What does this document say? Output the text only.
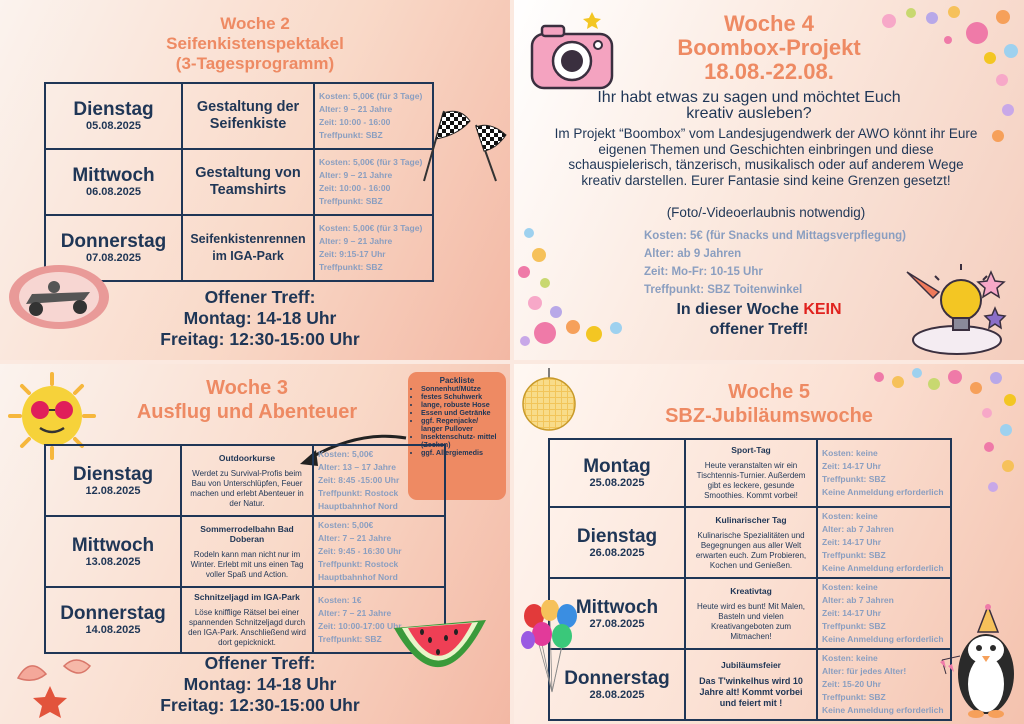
Woche 2
Seifenkistenspektakel
(3-Tagesprogramm)
Dienstag
05.08.2025	Gestaltung der Seifenkiste	Kosten: 5,00€ (für 3 Tage)
Alter: 9 – 21 Jahre
Zeit: 10:00 - 16:00
Treffpunkt: SBZ

Mittwoch
06.08.2025	Gestaltung von Teamshirts	Kosten: 5,00€ (für 3 Tage)
Alter: 9 – 21 Jahre
Zeit: 10:00 - 16:00
Treffpunkt: SBZ

Donnerstag
07.08.2025	Seifenkistenrennen im IGA-Park	Kosten: 5,00€ (für 3 Tage)
Alter: 9 – 21 Jahre
Zeit: 9:15-17 Uhr
Treffpunkt: SBZ
Offener Treff:
Montag: 14-18 Uhr
Freitag: 12:30-15:00 Uhr
Woche 4
Boombox-Projekt
18.08.-22.08.
Ihr habt etwas zu sagen und möchtet Euch kreativ ausleben?
Im Projekt “Boombox” vom Landesjugendwerk der AWO könnt ihr Eure eigenen Themen und Geschichten einbringen und diese schauspielerisch, tänzerisch, musikalisch oder auf anderem Wege kreativ darstellen. Eurer Fantasie sind keine Grenzen gesetzt!
(Foto/-Videoerlaubnis notwendig)
Kosten: 5€ (für Snacks und Mittagsverpflegung)
Alter: ab 9 Jahren
Zeit: Mo-Fr: 10-15 Uhr
Treffpunkt: SBZ Toitenwinkel
In dieser Woche KEIN
offener Treff!
Woche 3
Ausflug und Abenteuer
Packliste
• Sonnenhut/Mütze
• festes Schuhwerk
• lange, robuste Hose
• Essen und Getränke
• ggf. Regenjacke/ langer Pullover
• Insektenschutz- mittel (Zecken)
• ggf. Allergiemedis
Dienstag
12.08.2025	Outdoorkurse
Werdet zu Survival-Profis beim Bau von Unterschlüpfen, Feuer machen und erlebt Abenteuer in der Natur.	Kosten: 5,00€
Alter: 13 – 17 Jahre
Zeit: 8:45 -15:00 Uhr
Treffpunkt: Rostock Hauptbahnhof Nord

Mittwoch
13.08.2025	Sommerrodelbahn Bad Doberan
Rodeln kann man nicht nur im Winter. Erlebt mit uns einen Tag voller Spaß und Action.	Kosten: 5,00€
Alter: 7 – 21 Jahre
Zeit: 9:45 - 16:30 Uhr
Treffpunkt: Rostock Hauptbahnhof Nord

Donnerstag
14.08.2025	Schnitzeljagd im IGA-Park
Löse knifflige Rätsel bei einer spannenden Schnitzeljagd durch den IGA-Park. Anschließend wird dort gepicknickt.	Kosten: 1€
Alter: 7 – 21 Jahre
Zeit: 10:00-17:00 Uhr
Treffpunkt: SBZ
Offener Treff:
Montag: 14-18 Uhr
Freitag: 12:30-15:00 Uhr
Woche 5
SBZ-Jubiläumswoche
Montag
25.08.2025	Sport-Tag
Heute veranstalten wir ein Tischtennis-Turnier. Außerdem gibt es leckere, gesunde Smoothies. Kommt vorbei!	Kosten: keine
Zeit: 14-17 Uhr
Treffpunkt: SBZ
Keine Anmeldung erforderlich

Dienstag
26.08.2025	Kulinarischer Tag
Kulinarische Spezialitäten und Begegnungen aus aller Welt erwarten euch. Zum Probieren, Kochen und Genießen.	Kosten: keine
Alter: ab 7 Jahren
Zeit: 14-17 Uhr
Treffpunkt: SBZ
Keine Anmeldung erforderlich

Mittwoch
27.08.2025	Kreativtag
Heute wird es bunt! Mit Malen, Basteln und vielen Kreativangeboten zum Mitmachen!	Kosten: keine
Alter: ab 7 Jahren
Zeit: 14-17 Uhr
Treffpunkt: SBZ
Keine Anmeldung erforderlich

Donnerstag
28.08.2025	Jubiläumsfeier
Das T'winkelhus wird 10 Jahre alt! Kommt vorbei und feiert mit !	Kosten: keine
Alter: für jedes Alter!
Zeit: 15-20 Uhr
Treffpunkt: SBZ
Keine Anmeldung erforderlich
